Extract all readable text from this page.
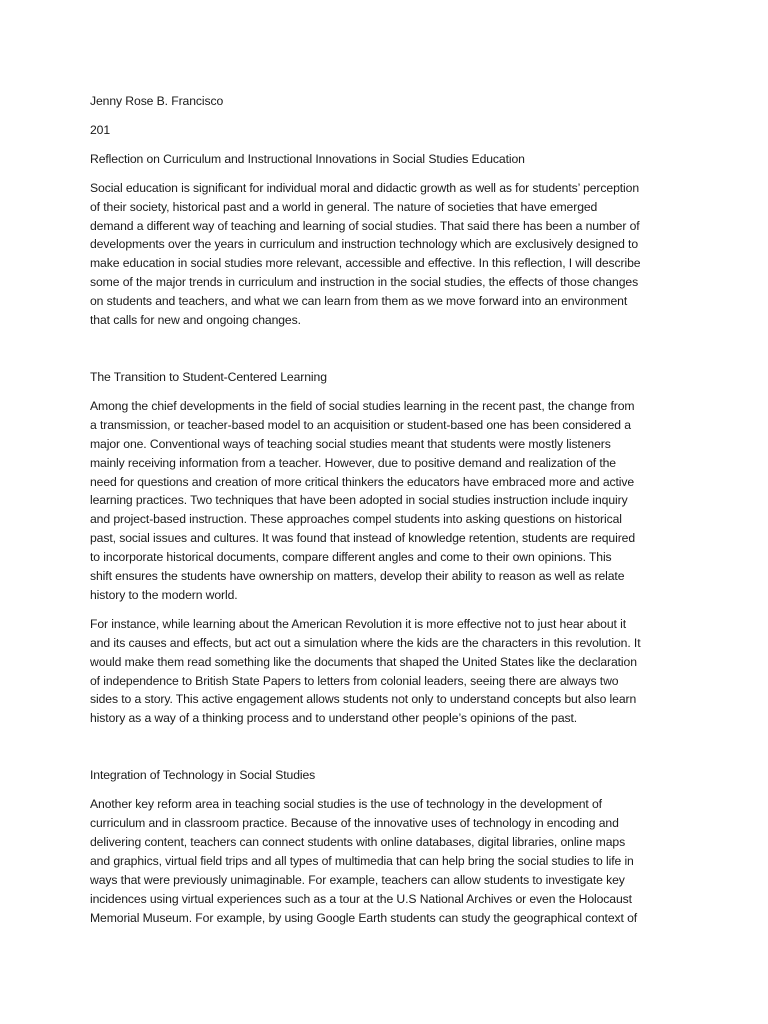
Jenny Rose B. Francisco
201
Reflection on Curriculum and Instructional Innovations in Social Studies Education
Social education is significant for individual moral and didactic growth as well as for students’ perception
of their society, historical past and a world in general. The nature of societies that have emerged
demand a different way of teaching and learning of social studies. That said there has been a number of
developments over the years in curriculum and instruction technology which are exclusively designed to
make education in social studies more relevant, accessible and effective. In this reflection, I will describe
some of the major trends in curriculum and instruction in the social studies, the effects of those changes
on students and teachers, and what we can learn from them as we move forward into an environment
that calls for new and ongoing changes.
The Transition to Student-Centered Learning
Among the chief developments in the field of social studies learning in the recent past, the change from
a transmission, or teacher-based model to an acquisition or student-based one has been considered a
major one. Conventional ways of teaching social studies meant that students were mostly listeners
mainly receiving information from a teacher. However, due to positive demand and realization of the
need for questions and creation of more critical thinkers the educators have embraced more and active
learning practices. Two techniques that have been adopted in social studies instruction include inquiry
and project-based instruction. These approaches compel students into asking questions on historical
past, social issues and cultures. It was found that instead of knowledge retention, students are required
to incorporate historical documents, compare different angles and come to their own opinions. This
shift ensures the students have ownership on matters, develop their ability to reason as well as relate
history to the modern world.
For instance, while learning about the American Revolution it is more effective not to just hear about it
and its causes and effects, but act out a simulation where the kids are the characters in this revolution. It
would make them read something like the documents that shaped the United States like the declaration
of independence to British State Papers to letters from colonial leaders, seeing there are always two
sides to a story. This active engagement allows students not only to understand concepts but also learn
history as a way of a thinking process and to understand other people’s opinions of the past.
Integration of Technology in Social Studies
Another key reform area in teaching social studies is the use of technology in the development of
curriculum and in classroom practice. Because of the innovative uses of technology in encoding and
delivering content, teachers can connect students with online databases, digital libraries, online maps
and graphics, virtual field trips and all types of multimedia that can help bring the social studies to life in
ways that were previously unimaginable. For example, teachers can allow students to investigate key
incidences using virtual experiences such as a tour at the U.S National Archives or even the Holocaust
Memorial Museum. For example, by using Google Earth students can study the geographical context of
